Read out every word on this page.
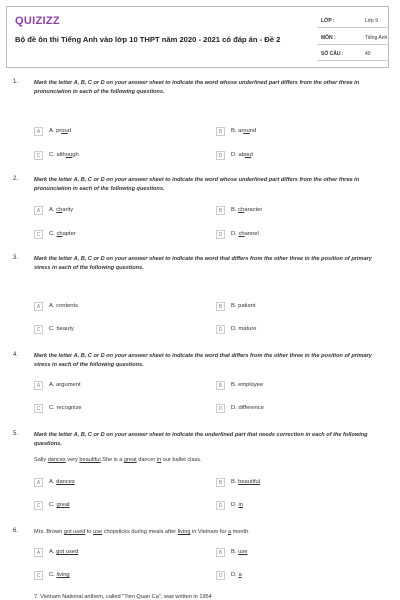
QUIZIZZ
Bộ đề ôn thi Tiếng Anh vào lớp 10 THPT năm 2020 - 2021 có đáp án - Đề 2
LỚP :	Lớp 9
MÔN :	Tiếng Anh
SỐ CÂU :	40
1.	Mark the letter A, B, C or D on your answer sheet to indicate the word whose underlined part differs from the other three in pronunciation in each of the following questions.
A	A. proud	B	B. around
C	C. although	D	D. about
2.	Mark the letter A, B, C or D on your answer sheet to indicate the word whose underlined part differs from the other three in pronunciation in each of the following questions.
A	A. charity	B	B. character
C	C. chapter	D	D. channel
3.	Mark the letter A, B, C or D on your answer sheet to indicate the word that differs from the other three in the position of primary stress in each of the following questions.
A	A. contents	B	B. patient
C	C. beauty	D	D. mature
4.	Mark the letter A, B, C or D on your answer sheet to indicate the word that differs from the other three in the position of primary stress in each of the following questions.
A	A. argument	B	B. employee
C	C. recognize	D	D. difference
5.	Mark the letter A, B, C or D on your answer sheet to indicate the underlined part that needs correction in each of the following questions.
Sally dances very beautiful.She is a great dancer in our ballet class.
A	A. dances	B	B. beautiful
C	C. great	D	D. in
6.	Mrs. Brown got used to use chopsticks during meals after living in Vietnam for a month.
A	A. got used	B	B. use
C	C. living	D	D. a
7. Vietnam National anthem, called "Tien Quan Ca", was written in 1954
